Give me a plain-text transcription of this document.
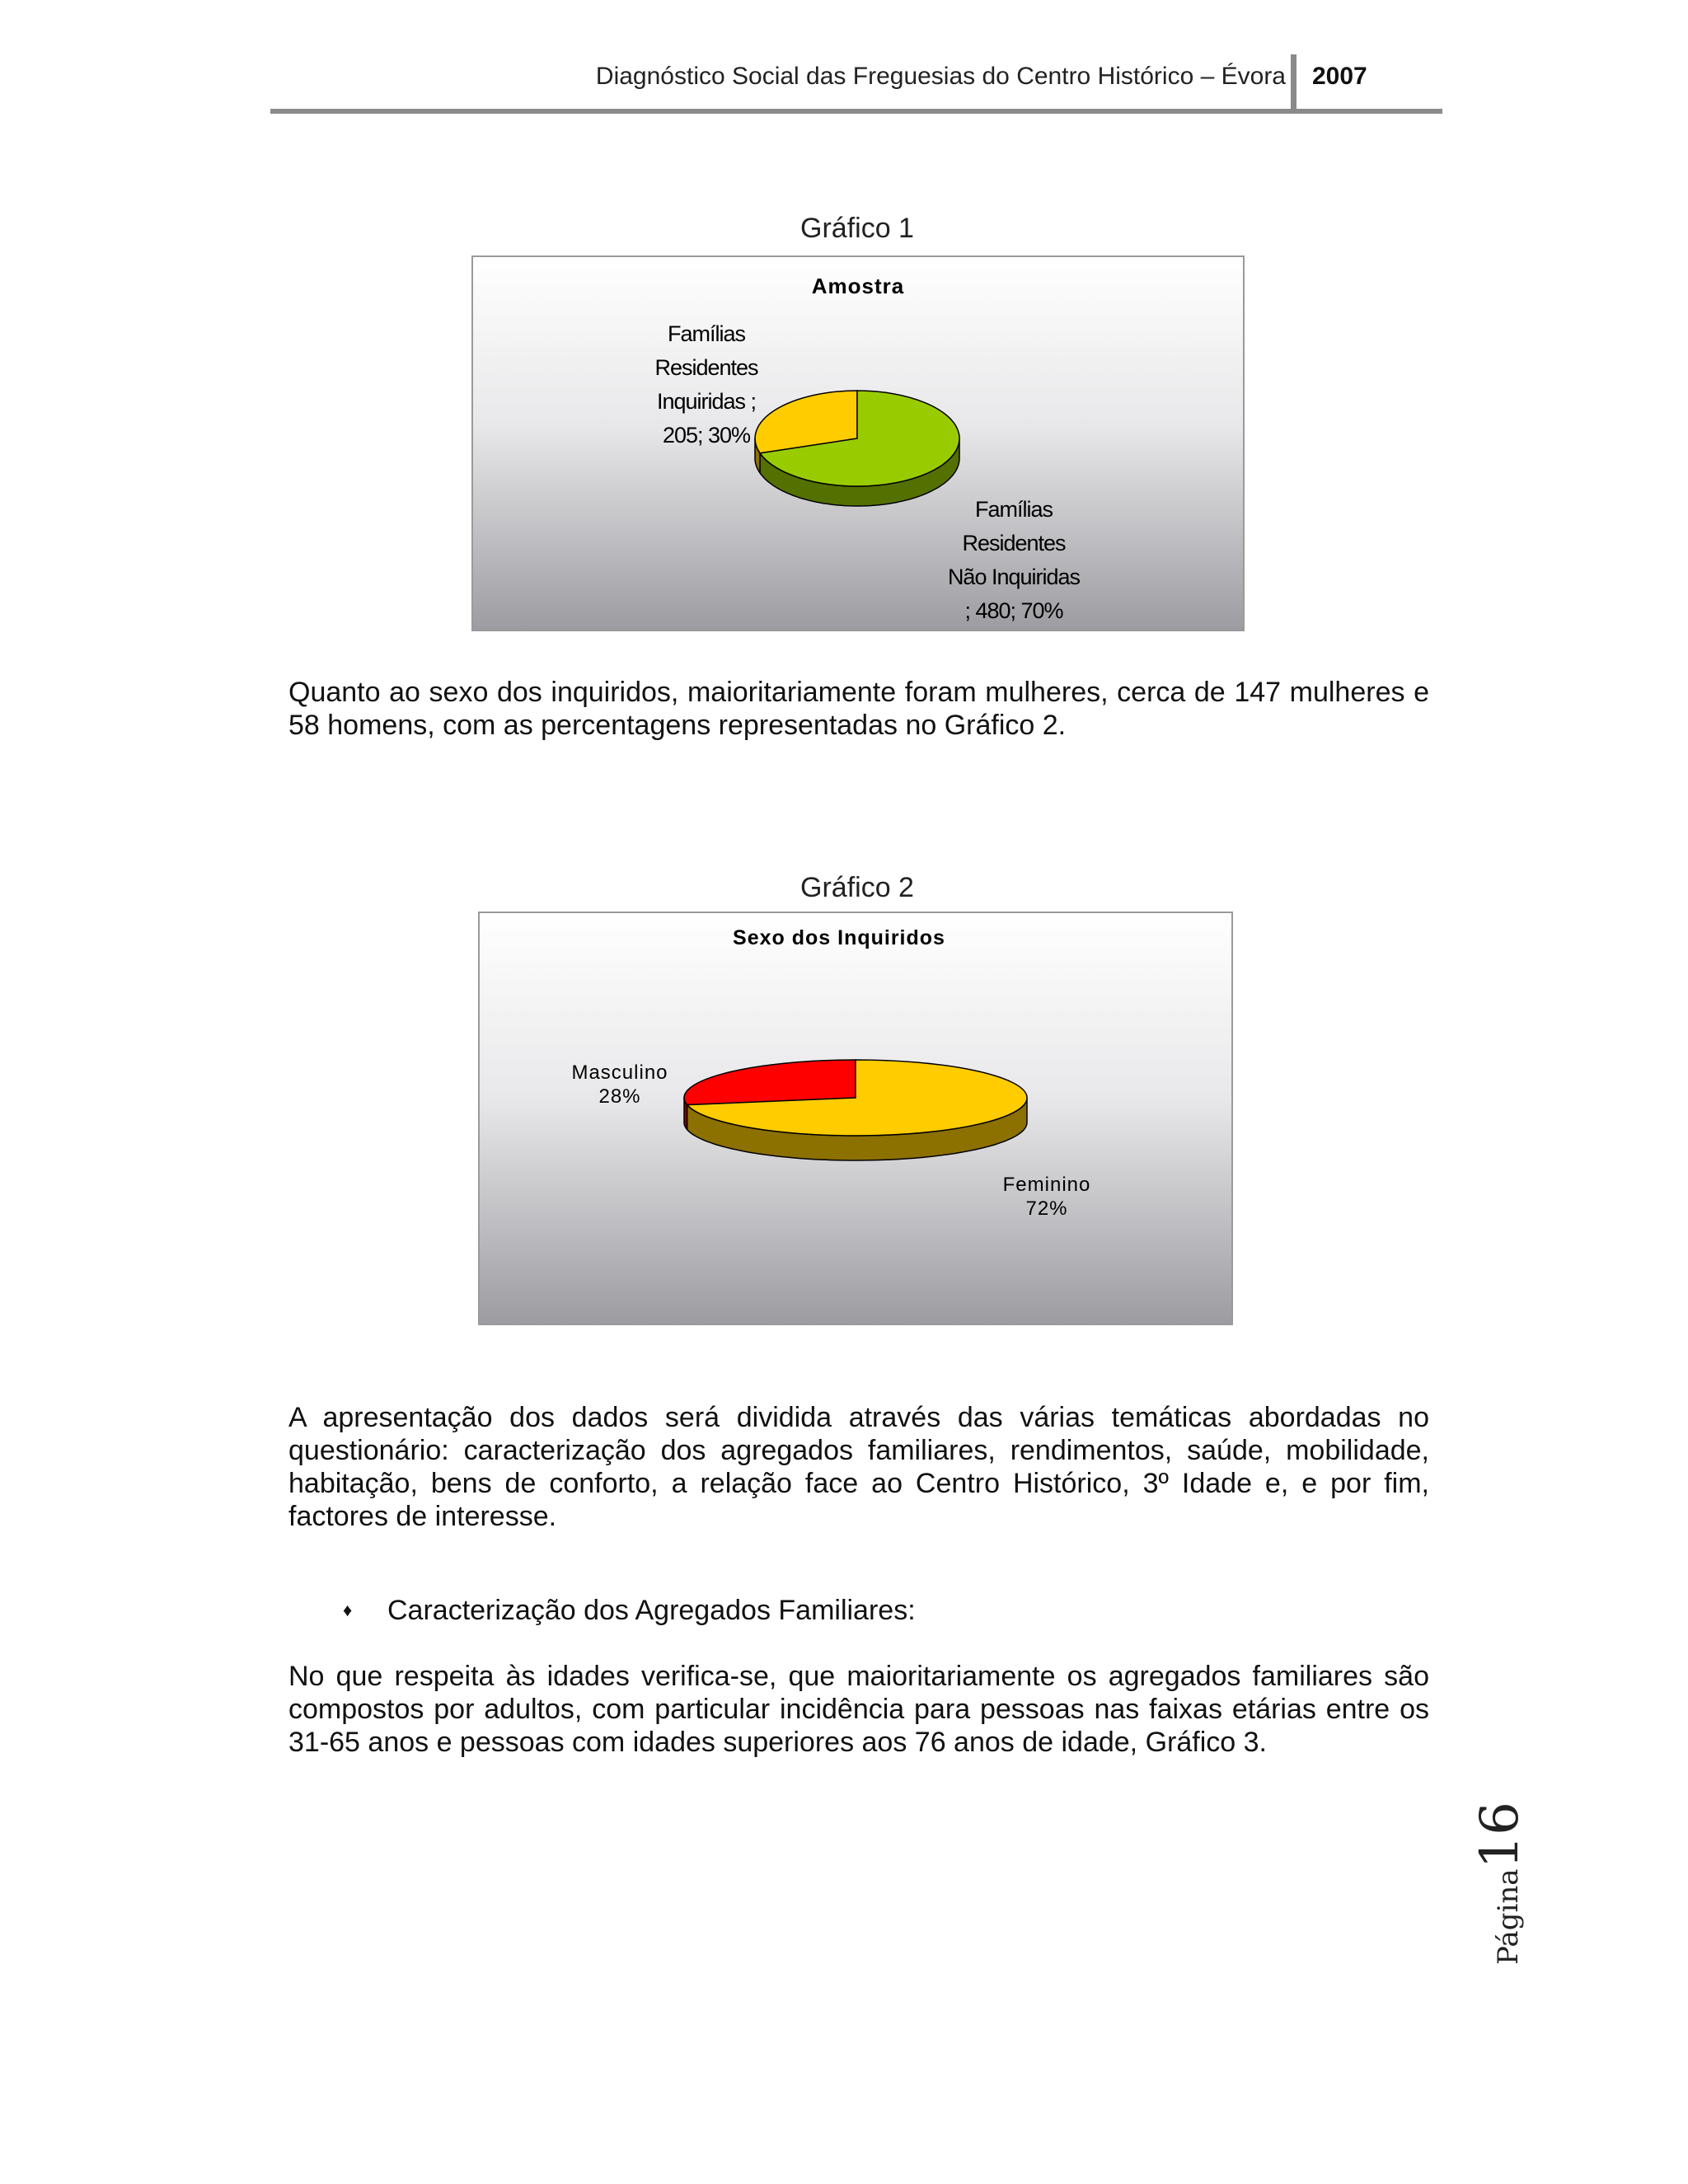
Diagnóstico Social das Freguesias do Centro Histórico – Évora 2007
Gráfico 1
Amostra
Famílias
Residentes
Inquiridas ;
205; 30%
Famílias
Residentes
Não Inquiridas
; 480; 70%
Quanto ao sexo dos inquiridos, maioritariamente foram mulheres, cerca de 147 mulheres e 58 homens, com as percentagens representadas no Gráfico 2.
Gráfico 2
Sexo dos Inquiridos
Masculino
28%
Feminino
72%
A apresentação dos dados será dividida através das várias temáticas abordadas no questionário: caracterização dos agregados familiares, rendimentos, saúde, mobilidade, habitação, bens de conforto, a relação face ao Centro Histórico, 3º Idade e, e por fim, factores de interesse.
♦ Caracterização dos Agregados Familiares:
No que respeita às idades verifica-se, que maioritariamente os agregados familiares são compostos por adultos, com particular incidência para pessoas nas faixas etárias entre os 31-65 anos e pessoas com idades superiores aos 76 anos de idade, Gráfico 3.
Página16
